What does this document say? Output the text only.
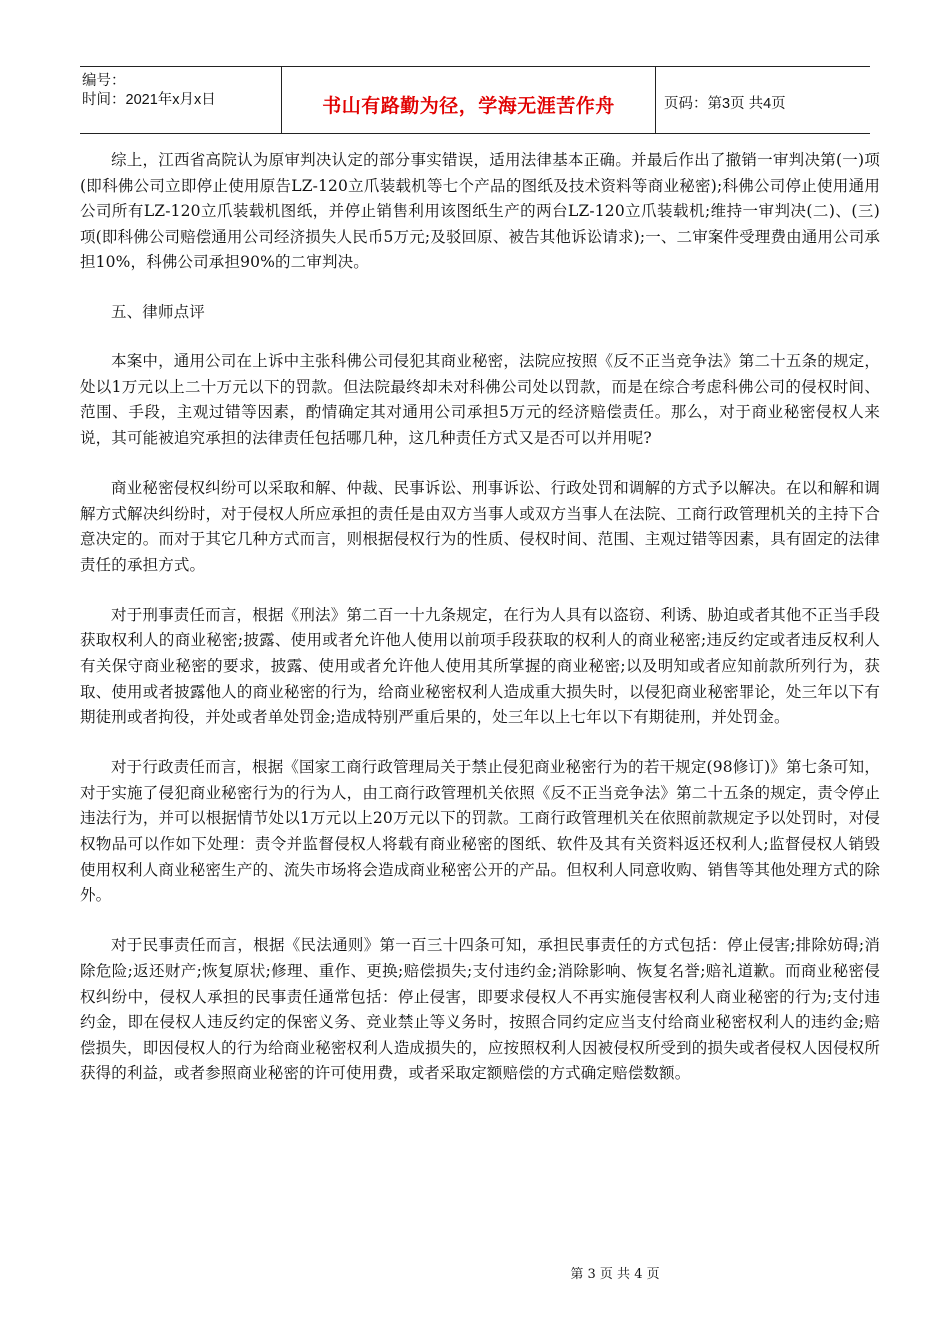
编号：
时间：2021年x月x日	书山有路勤为径，学海无涯苦作舟	页码：第3页 共4页

综上，江西省高院认为原审判决认定的部分事实错误，适用法律基本正确。并最后作出了撤销一审判决第(一)项(即科佛公司立即停止使用原告LZ-120立爪装载机等七个产品的图纸及技术资料等商业秘密);科佛公司停止使用通用公司所有LZ-120立爪装载机图纸，并停止销售利用该图纸生产的两台LZ-120立爪装载机;维持一审判决(二)、(三)项(即科佛公司赔偿通用公司经济损失人民币5万元;及驳回原、被告其他诉讼请求);一、二审案件受理费由通用公司承担10%，科佛公司承担90%的二审判决。

五、律师点评

本案中，通用公司在上诉中主张科佛公司侵犯其商业秘密，法院应按照《反不正当竞争法》第二十五条的规定，处以1万元以上二十万元以下的罚款。但法院最终却未对科佛公司处以罚款，而是在综合考虑科佛公司的侵权时间、范围、手段，主观过错等因素，酌情确定其对通用公司承担5万元的经济赔偿责任。那么，对于商业秘密侵权人来说，其可能被追究承担的法律责任包括哪几种，这几种责任方式又是否可以并用呢?

商业秘密侵权纠纷可以采取和解、仲裁、民事诉讼、刑事诉讼、行政处罚和调解的方式予以解决。在以和解和调解方式解决纠纷时，对于侵权人所应承担的责任是由双方当事人或双方当事人在法院、工商行政管理机关的主持下合意决定的。而对于其它几种方式而言，则根据侵权行为的性质、侵权时间、范围、主观过错等因素，具有固定的法律责任的承担方式。

对于刑事责任而言，根据《刑法》第二百一十九条规定，在行为人具有以盗窃、利诱、胁迫或者其他不正当手段获取权利人的商业秘密;披露、使用或者允许他人使用以前项手段获取的权利人的商业秘密;违反约定或者违反权利人有关保守商业秘密的要求，披露、使用或者允许他人使用其所掌握的商业秘密;以及明知或者应知前款所列行为，获取、使用或者披露他人的商业秘密的行为，给商业秘密权利人造成重大损失时，以侵犯商业秘密罪论，处三年以下有期徒刑或者拘役，并处或者单处罚金;造成特别严重后果的，处三年以上七年以下有期徒刑，并处罚金。

对于行政责任而言，根据《国家工商行政管理局关于禁止侵犯商业秘密行为的若干规定(98修订)》第七条可知，对于实施了侵犯商业秘密行为的行为人，由工商行政管理机关依照《反不正当竞争法》第二十五条的规定，责令停止违法行为，并可以根据情节处以1万元以上20万元以下的罚款。工商行政管理机关在依照前款规定予以处罚时，对侵权物品可以作如下处理：责令并监督侵权人将载有商业秘密的图纸、软件及其有关资料返还权利人;监督侵权人销毁使用权利人商业秘密生产的、流失市场将会造成商业秘密公开的产品。但权利人同意收购、销售等其他处理方式的除外。

对于民事责任而言，根据《民法通则》第一百三十四条可知，承担民事责任的方式包括：停止侵害;排除妨碍;消除危险;返还财产;恢复原状;修理、重作、更换;赔偿损失;支付违约金;消除影响、恢复名誉;赔礼道歉。而商业秘密侵权纠纷中，侵权人承担的民事责任通常包括：停止侵害，即要求侵权人不再实施侵害权利人商业秘密的行为;支付违约金，即在侵权人违反约定的保密义务、竞业禁止等义务时，按照合同约定应当支付给商业秘密权利人的违约金;赔偿损失，即因侵权人的行为给商业秘密权利人造成损失的，应按照权利人因被侵权所受到的损失或者侵权人因侵权所获得的利益，或者参照商业秘密的许可使用费，或者采取定额赔偿的方式确定赔偿数额。

第 3 页 共 4 页
